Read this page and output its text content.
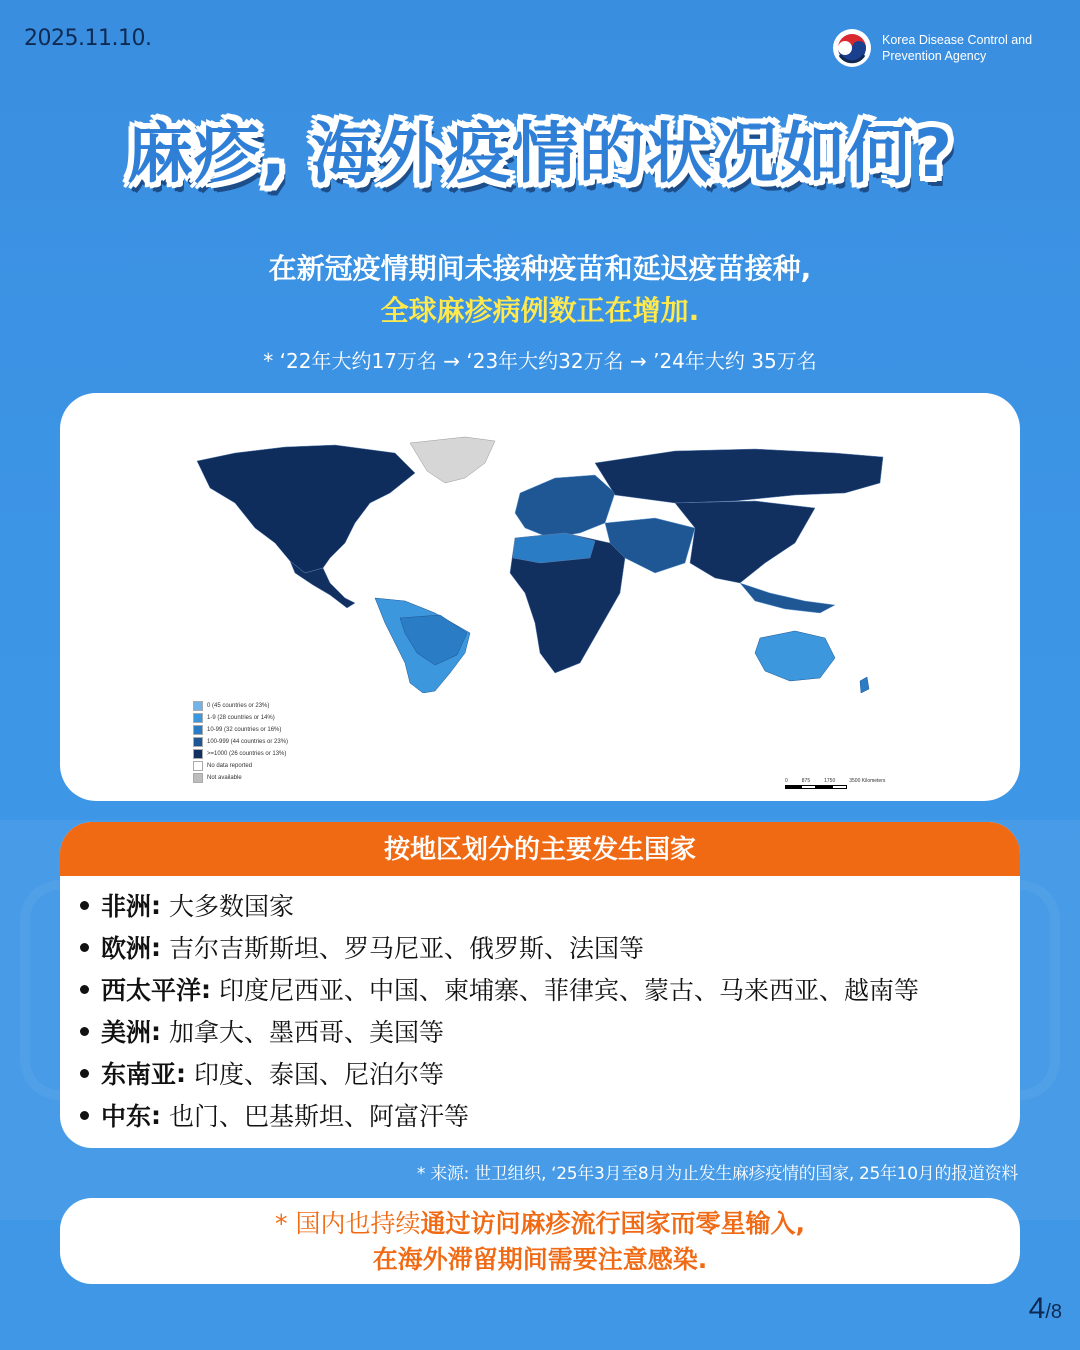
2025.11.10.	Korea Disease Control and
Prevention Agency
麻疹, 海外疫情的状况如何?
在新冠疫情期间未接种疫苗和延迟疫苗接种,
全球麻疹病例数正在增加.
* ‘22年大约17万名 → ‘23年大约32万名 → ’24年大约 35万名
0 (45 countries or 23%)
1-9 (28 countries or 14%)
10-99 (32 countries or 16%)
100-999 (44 countries or 23%)
>=1000 (26 countries or 13%)
No data reported
Not available	0	875	1750	3500 Kilometers
按地区划分的主要发生国家
非洲 : 大多数国家
欧洲 : 吉尔吉斯斯坦、罗马尼亚、俄罗斯、法国等
西太平洋 : 印度尼西亚、中国、柬埔寨、菲律宾、蒙古、马来西亚、越南等
美洲 : 加拿大、墨西哥、美国等
东南亚 : 印度、泰国、尼泊尔等
中东 : 也门、巴基斯坦、阿富汗等
* 来源: 世卫组织, ‘25年3月至8月为止发生麻疹疫情的国家, 25年10月的报道资料
* 国内也持续通过访问麻疹流行国家而零星输入,
在海外滞留期间需要注意感染.
4/8
